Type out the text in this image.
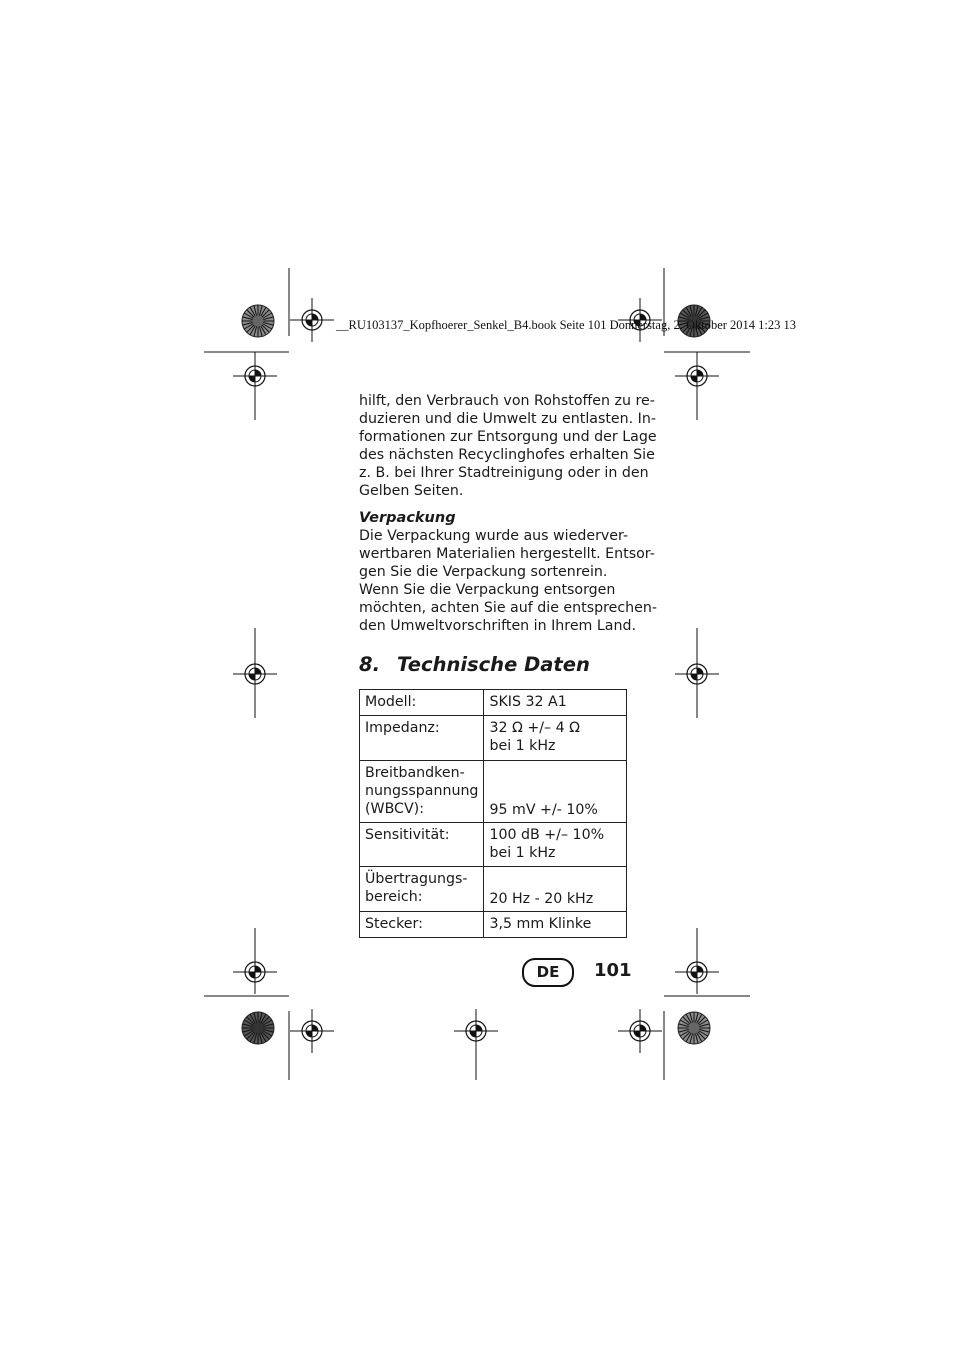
__RU103137_Kopfhoerer_Senkel_B4.book Seite 101 Donnerstag, 2. Oktober 2014 1:23 13

hilft, den Verbrauch von Rohstoffen zu re-
duzieren und die Umwelt zu entlasten. In-
formationen zur Entsorgung und der Lage
des nächsten Recyclinghofes erhalten Sie
z. B. bei Ihrer Stadtreinigung oder in den
Gelben Seiten.

Verpackung

Die Verpackung wurde aus wiederver-
wertbaren Materialien hergestellt. Entsor-
gen Sie die Verpackung sortenrein.
Wenn Sie die Verpackung entsorgen
möchten, achten Sie auf die entsprechen-
den Umweltvorschriften in Ihrem Land.

8. Technische Daten
Modell:	SKIS 32 A1

Impedanz:	32 Ω +/– 4 Ω
bei 1 kHz

Breitbandken-
nungsspannung
(WBCV):	95 mV +/- 10%

Sensitivität:	100 dB +/– 10%
bei 1 kHz

Übertragungs-
bereich:	20 Hz - 20 kHz

Stecker:	3,5 mm Klinke
DE	101
